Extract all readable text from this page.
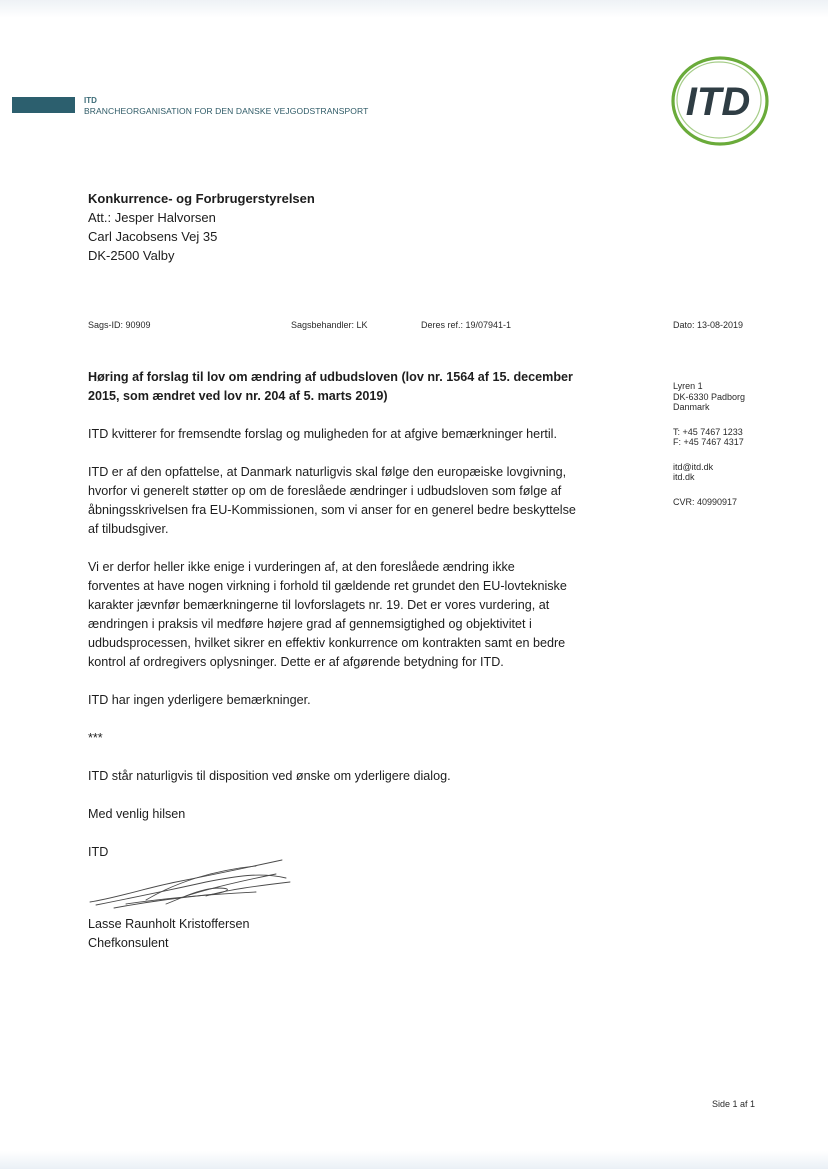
ITD
BRANCHEORGANISATION FOR DEN DANSKE VEJGODSTRANSPORT	ITD
Konkurrence- og Forbrugerstyrelsen
Att.: Jesper Halvorsen
Carl Jacobsens Vej 35
DK-2500 Valby
Sags-ID: 90909	Sagsbehandler: LK	Deres ref.: 19/07941-1	Dato: 13-08-2019
Lyren 1
DK-6330 Padborg
Danmark
T: +45 7467 1233
F: +45 7467 4317
itd@itd.dk
itd.dk
CVR: 40990917

Høring af forslag til lov om ændring af udbudsloven (lov nr. 1564 af 15. december
2015, som ændret ved lov nr. 204 af 5. marts 2019)

ITD kvitterer for fremsendte forslag og muligheden for at afgive bemærkninger hertil.

ITD er af den opfattelse, at Danmark naturligvis skal følge den europæiske lovgivning,
hvorfor vi generelt støtter op om de foreslåede ændringer i udbudsloven som følge af
åbningsskrivelsen fra EU-Kommissionen, som vi anser for en generel bedre beskyttelse
af tilbudsgiver.

Vi er derfor heller ikke enige i vurderingen af, at den foreslåede ændring ikke
forventes at have nogen virkning i forhold til gældende ret grundet den EU-lovtekniske
karakter jævnfør bemærkningerne til lovforslagets nr. 19. Det er vores vurdering, at
ændringen i praksis vil medføre højere grad af gennemsigtighed og objektivitet i
udbudsprocessen, hvilket sikrer en effektiv konkurrence om kontrakten samt en bedre
kontrol af ordregivers oplysninger. Dette er af afgørende betydning for ITD.

ITD har ingen yderligere bemærkninger.

***

ITD står naturligvis til disposition ved ønske om yderligere dialog.

Med venlig hilsen

ITD

Lasse Raunholt Kristoffersen

Chefkonsulent

Side 1 af 1
